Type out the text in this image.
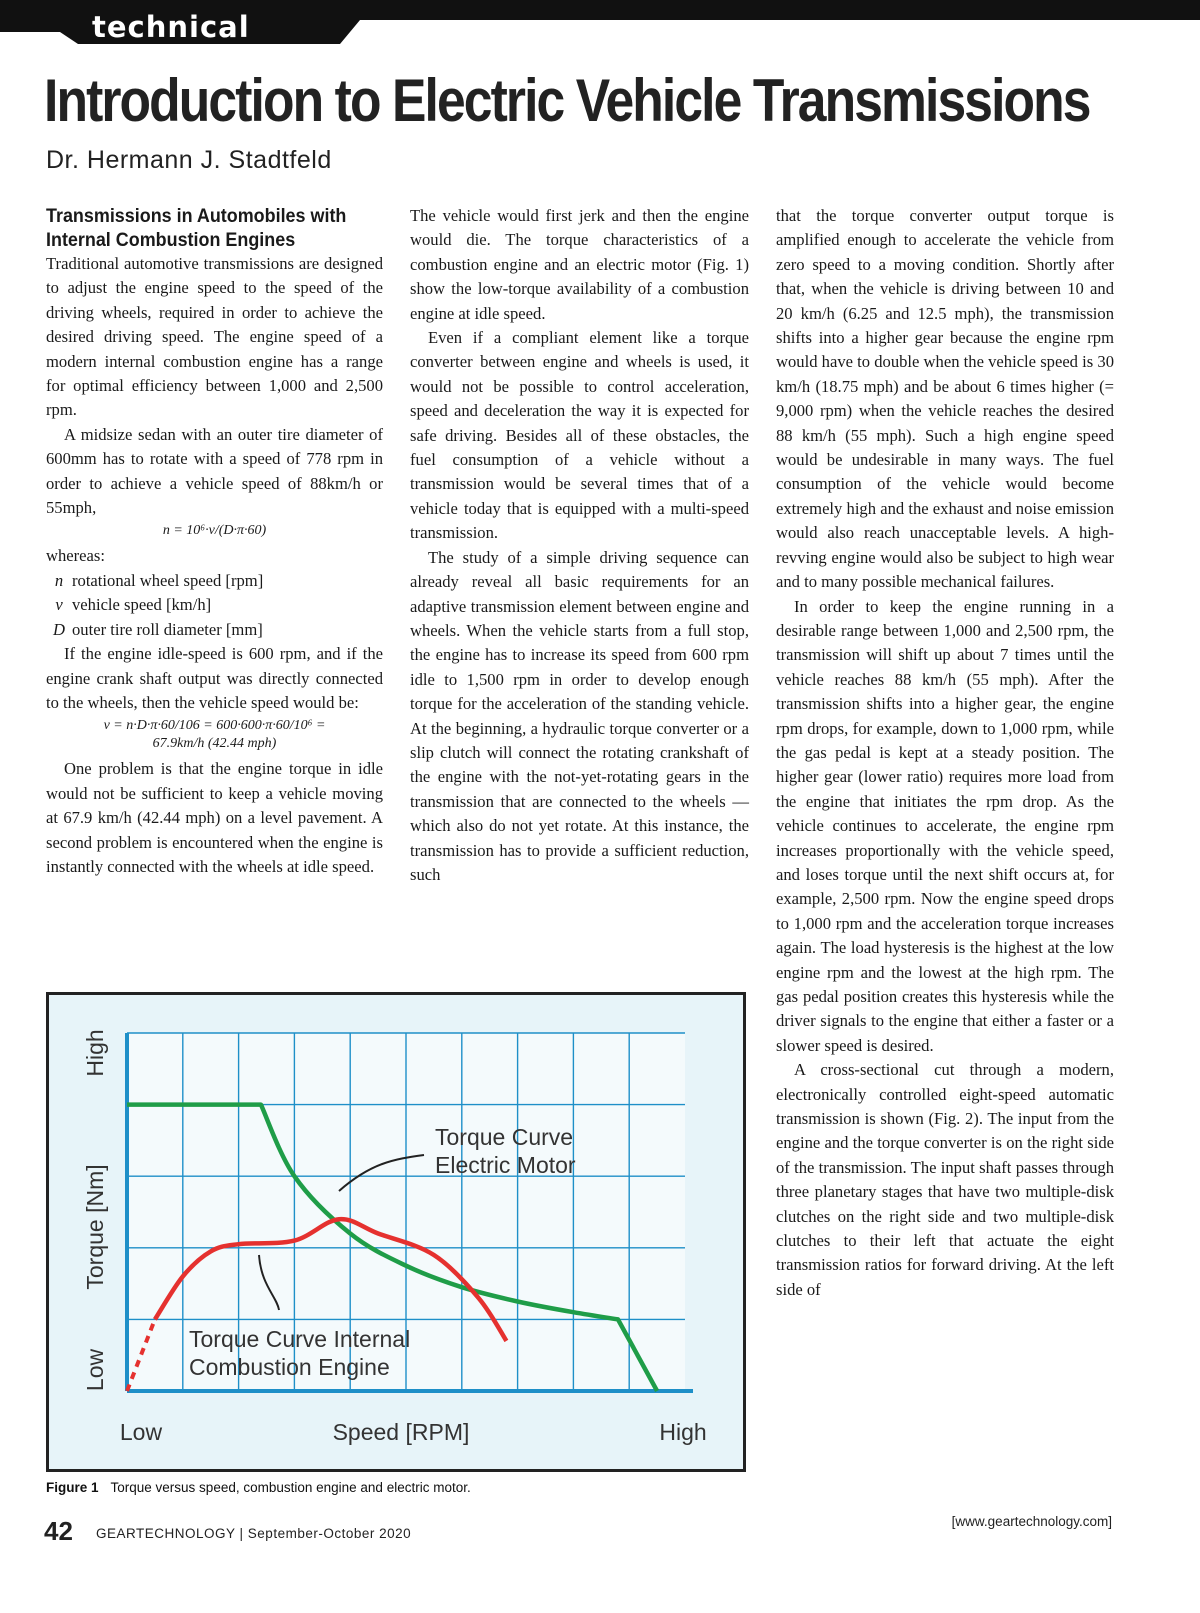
technical
Introduction to Electric Vehicle Transmissions
Dr. Hermann J. Stadtfeld
Transmissions in Automobiles with Internal Combustion Engines

Traditional automotive transmissions are designed to adjust the engine speed to the speed of the driving wheels, required in order to achieve the desired driving speed. The engine speed of a modern internal combustion engine has a range for optimal efficiency between 1,000 and 2,500 rpm.

A midsize sedan with an outer tire diameter of 600mm has to rotate with a speed of 778 rpm in order to achieve a vehicle speed of 88km/h or 55mph,

n = 10⁶·v/(D·π·60)
whereas:
n rotational wheel speed [rpm]
v vehicle speed [km/h]
D outer tire roll diameter [mm]

If the engine idle-speed is 600 rpm, and if the engine crank shaft output was directly connected to the wheels, then the vehicle speed would be:

v = n·D·π·60/106 = 600·600·π·60/10⁶ =
67.9km/h (42.44 mph)

One problem is that the engine torque in idle would not be sufficient to keep a vehicle moving at 67.9 km/h (42.44 mph) on a level pavement. A second problem is encountered when the engine is instantly connected with the wheels at idle speed.

The vehicle would first jerk and then the engine would die. The torque characteristics of a combustion engine and an electric motor (Fig. 1) show the low-torque availability of a combustion engine at idle speed.

Even if a compliant element like a torque converter between engine and wheels is used, it would not be possible to control acceleration, speed and deceleration the way it is expected for safe driving. Besides all of these obstacles, the fuel consumption of a vehicle without a transmission would be several times that of a vehicle today that is equipped with a multi-speed transmission.

The study of a simple driving sequence can already reveal all basic requirements for an adaptive transmission element between engine and wheels. When the vehicle starts from a full stop, the engine has to increase its speed from 600 rpm idle to 1,500 rpm in order to develop enough torque for the acceleration of the standing vehicle. At the beginning, a hydraulic torque converter or a slip clutch will connect the rotating crankshaft of the engine with the not-yet-rotating gears in the transmission that are connected to the wheels — which also do not yet rotate. At this instance, the transmission has to provide a sufficient reduction, such

that the torque converter output torque is amplified enough to accelerate the vehicle from zero speed to a moving condition. Shortly after that, when the vehicle is driving between 10 and 20 km/h (6.25 and 12.5 mph), the transmission shifts into a higher gear because the engine rpm would have to double when the vehicle speed is 30 km/h (18.75 mph) and be about 6 times higher (= 9,000 rpm) when the vehicle reaches the desired 88 km/h (55 mph). Such a high engine speed would be undesirable in many ways. The fuel consumption of the vehicle would become extremely high and the exhaust and noise emission would also reach unacceptable levels. A high-revving engine would also be subject to high wear and to many possible mechanical failures.

In order to keep the engine running in a desirable range between 1,000 and 2,500 rpm, the transmission will shift up about 7 times until the vehicle reaches 88 km/h (55 mph). After the transmission shifts into a higher gear, the engine rpm drops, for example, down to 1,000 rpm, while the gas pedal is kept at a steady position. The higher gear (lower ratio) requires more load from the engine that initiates the rpm drop. As the vehicle continues to accelerate, the engine rpm increases proportionally with the vehicle speed, and loses torque until the next shift occurs at, for example, 2,500 rpm. Now the engine speed drops to 1,000 rpm and the acceleration torque increases again. The load hysteresis is the highest at the low engine rpm and the lowest at the high rpm. The gas pedal position creates this hysteresis while the driver signals to the engine that either a faster or a slower speed is desired.

A cross-sectional cut through a modern, electronically controlled eight-speed automatic transmission is shown (Fig. 2). The input from the engine and the torque converter is on the right side of the transmission. The input shaft passes through three planetary stages that have two multiple-disk clutches on the right side and two multiple-disk clutches to their left that actuate the eight transmission ratios for forward driving. At the left side of

Torque [Nm]
Low
High
Speed [RPM]
Low	High
Torque Curve
Electric Motor
Torque Curve Internal
Combustion Engine
Figure 1 Torque versus speed, combustion engine and electric motor.
42 GEARTECHNOLOGY | September-October 2020
[www.geartechnology.com]
